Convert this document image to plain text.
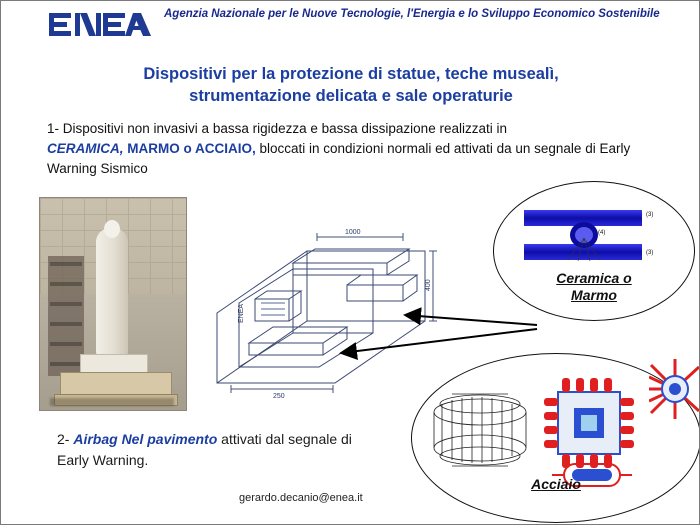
Agenzia Nazionale per le Nuove Tecnologie, l'Energia e lo Sviluppo Economico Sostenibile
Dispositivi per la protezione di statue, teche musealì,
strumentazione delicata e sale operaturie
1- Dispositivi non invasivi a bassa rigidezza e bassa dissipazione realizzati in
CERAMICA, MARMO o ACCIAIO, bloccati in condizioni normali ed attivati da un segnale di Early Warning Sismico
1000
400
250
ENEA
(3)
(4)
(3)
Ceramica o
Marmo
Acciaio
2- Airbag Nel pavimento attivati dal segnale di Early Warning.
gerardo.decanio@enea.it
